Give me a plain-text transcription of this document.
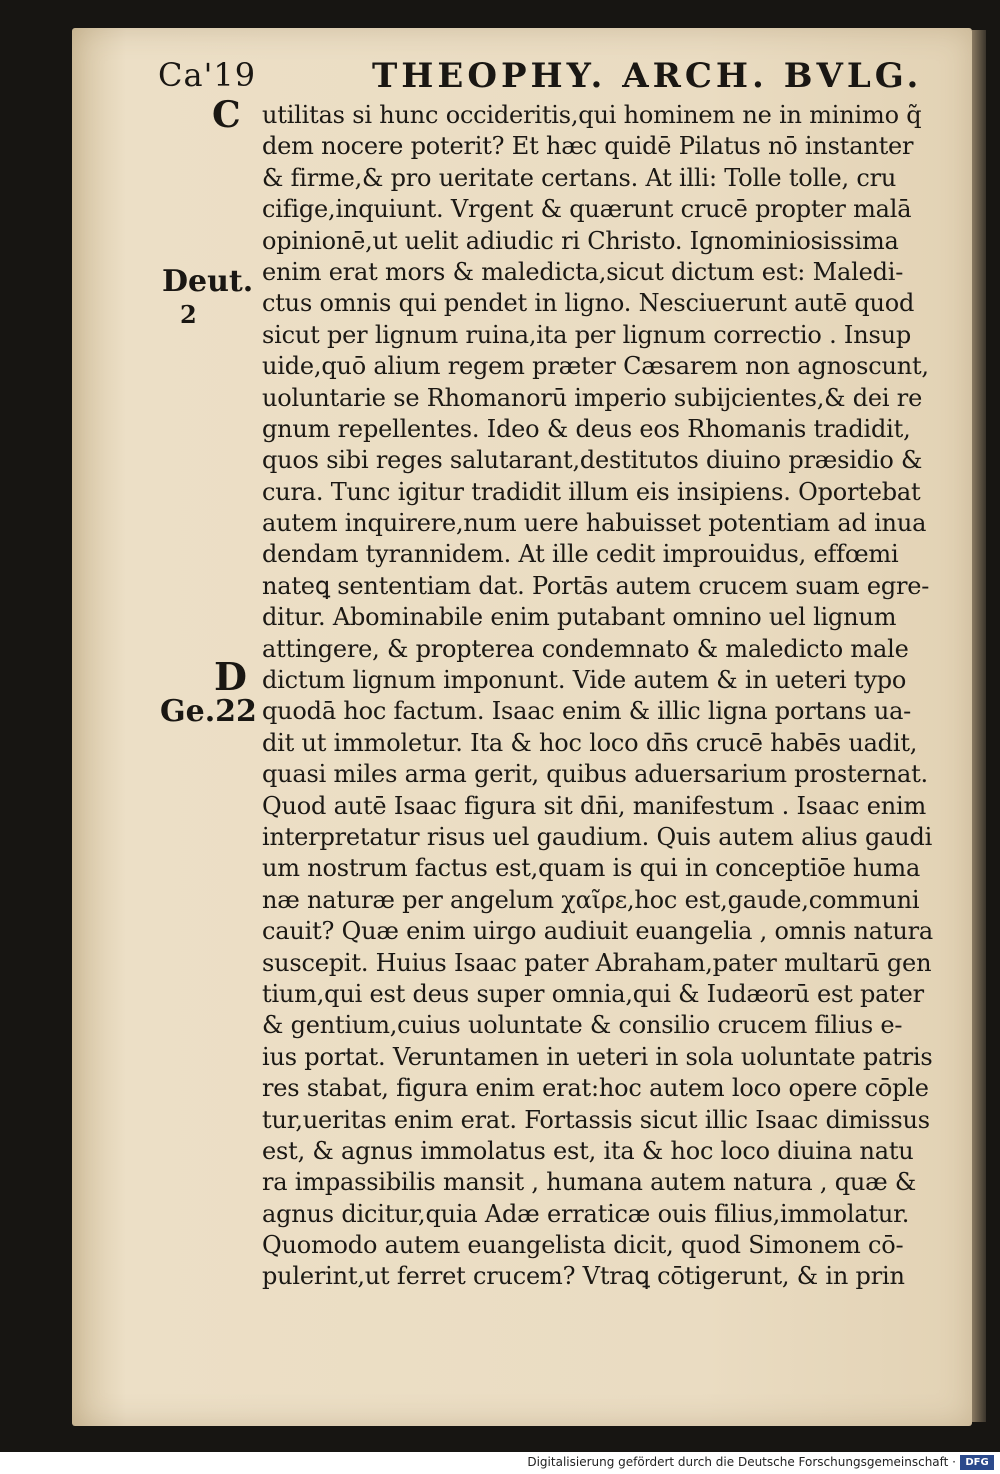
Ca'19	THEOPHY. ARCH. BVLG.
C
Deut.
2
D
Ge.22
utilitas si hunc occideritis,qui hominem ne in minimo q̃
dem nocere poterit? Et hæc quidē Pilatus nō instanter
& firme,& pro ueritate certans. At illi: Tolle tolle, cru
cifige,inquiunt. Vrgent & quærunt crucē propter malā
opinionē,ut uelit adiudic ri Christo. Ignominiosissima
enim erat mors & maledicta,sicut dictum est: Maledi-
ctus omnis qui pendet in ligno. Nesciuerunt autē quod
sicut per lignum ruina,ita per lignum correctio . Insup
uide,quō alium regem præter Cæsarem non agnoscunt,
uoluntarie se Rhomanorū imperio subijcientes,& dei re
gnum repellentes. Ideo & deus eos Rhomanis tradidit,
quos sibi reges salutarant,destitutos diuino præsidio &
cura. Tunc igitur tradidit illum eis insipiens. Oportebat
autem inquirere,num uere habuisset potentiam ad inua
dendam tyrannidem. At ille cedit improuidus, effœmi
nateꝗ sententiam dat. Portās autem crucem suam egre-
ditur. Abominabile enim putabant omnino uel lignum
attingere, & propterea condemnato & maledicto male
dictum lignum imponunt. Vide autem & in ueteri typo
quodā hoc factum. Isaac enim & illic ligna portans ua-
dit ut immoletur. Ita & hoc loco dn̄s crucē habēs uadit,
quasi miles arma gerit, quibus aduersarium prosternat.
Quod autē Isaac figura sit dn̄i, manifestum . Isaac enim
interpretatur risus uel gaudium. Quis autem alius gaudi
um nostrum factus est,quam is qui in conceptiōe huma
næ naturæ per angelum χαῖρε,hoc est,gaude,communi
cauit? Quæ enim uirgo audiuit euangelia , omnis natura
suscepit. Huius Isaac pater Abraham,pater multarū gen
tium,qui est deus super omnia,qui & Iudæorū est pater
& gentium,cuius uoluntate & consilio crucem filius e-
ius portat. Veruntamen in ueteri in sola uoluntate patris
res stabat, figura enim erat:hoc autem loco opere cōple
tur,ueritas enim erat. Fortassis sicut illic Isaac dimissus
est, & agnus immolatus est, ita & hoc loco diuina natu
ra impassibilis mansit , humana autem natura , quæ &
agnus dicitur,quia Adæ erraticæ ouis filius,immolatur.
Quomodo autem euangelista dicit, quod Simonem cō-
pulerint,ut ferret crucem? Vtraꝗ cōtigerunt, & in prin
Digitalisierung gefördert durch die Deutsche Forschungsgemeinschaft · DFG
